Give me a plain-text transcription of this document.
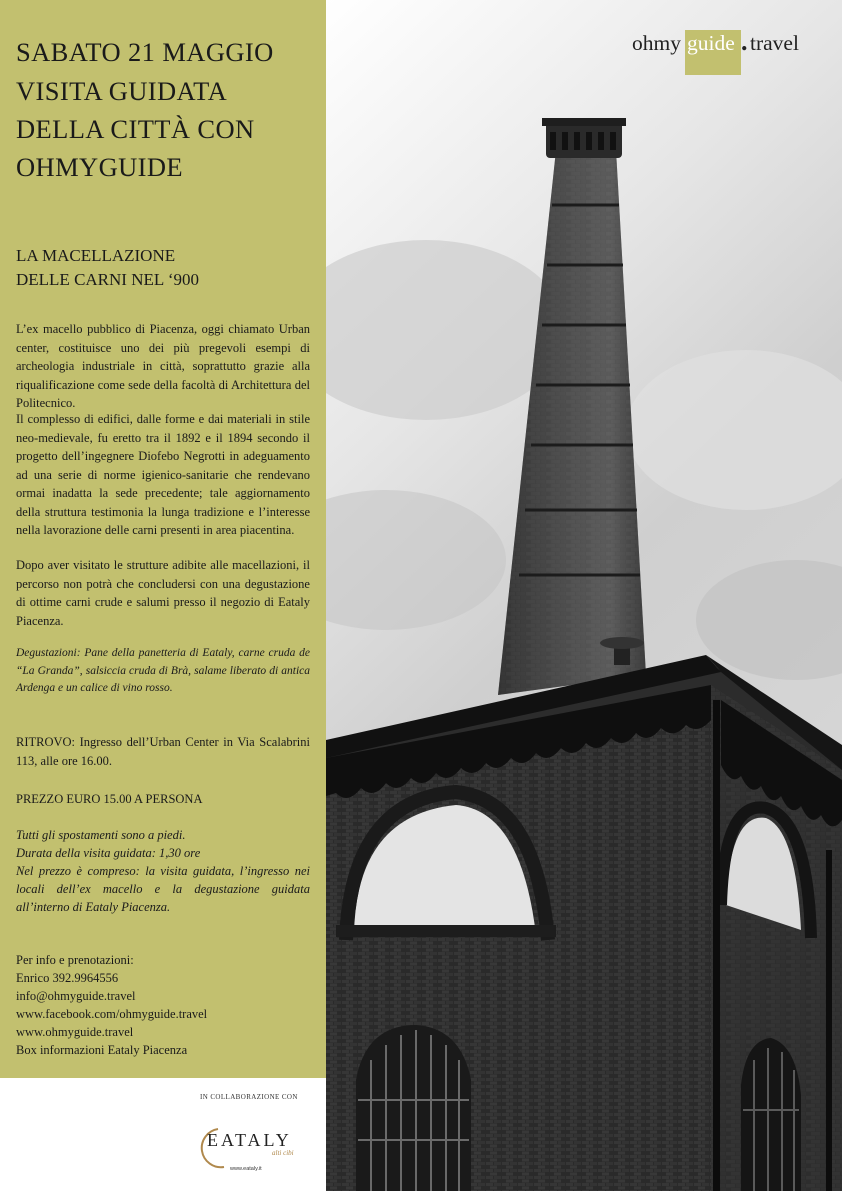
SABATO 21 MAGGIO
VISITA GUIDATA
DELLA CITTÀ CON
OHMYGUIDE
LA MACELLAZIONE
DELLE CARNI NEL ‘900

L’ex macello pubblico di Piacenza, oggi chiamato Urban center, costituisce uno dei più pregevoli esempi di archeologia industriale in città, soprattutto grazie alla riqualificazione come sede della facoltà di Architettura del Politecnico.

Il complesso di edifici, dalle forme e dai materiali in stile neo-medievale, fu eretto tra il 1892 e il 1894 secondo il progetto dell’ingegnere Diofebo Negrotti in adeguamento ad una serie di norme igienico-sanitarie che rendevano ormai inadatta la sede precedente; tale aggiornamento della struttura testimonia la lunga tradizione e l’interesse nella lavorazione delle carni presenti in area piacentina.

Dopo aver visitato le strutture adibite alle macellazioni, il percorso non potrà che concludersi con una degustazione di ottime carni crude e salumi presso il negozio di Eataly Piacenza.

Degustazioni: Pane della panetteria di Eataly, carne cruda de “La Granda”, salsiccia cruda di Brà, salame liberato di antica Ardenga e un calice di vino rosso.

RITROVO: Ingresso dell’Urban Center in Via Scalabrini 113, alle ore 16.00.

PREZZO EURO 15.00 A PERSONA

Tutti gli spostamenti sono a piedi.

Durata della visita guidata: 1,30 ore

Nel prezzo è compreso: la visita guidata, l’ingresso nei locali dell’ex macello e la degustazione guidata all’interno di Eataly Piacenza.

Per info e prenotazioni:

Enrico 392.9964556

info@ohmyguide.travel

www.facebook.com/ohmyguide.travel

www.ohmyguide.travel

Box informazioni Eataly Piacenza

IN COLLABORAZIONE CON
EATALY
alti cibi
www.eataly.it
ohmy guide . travel
